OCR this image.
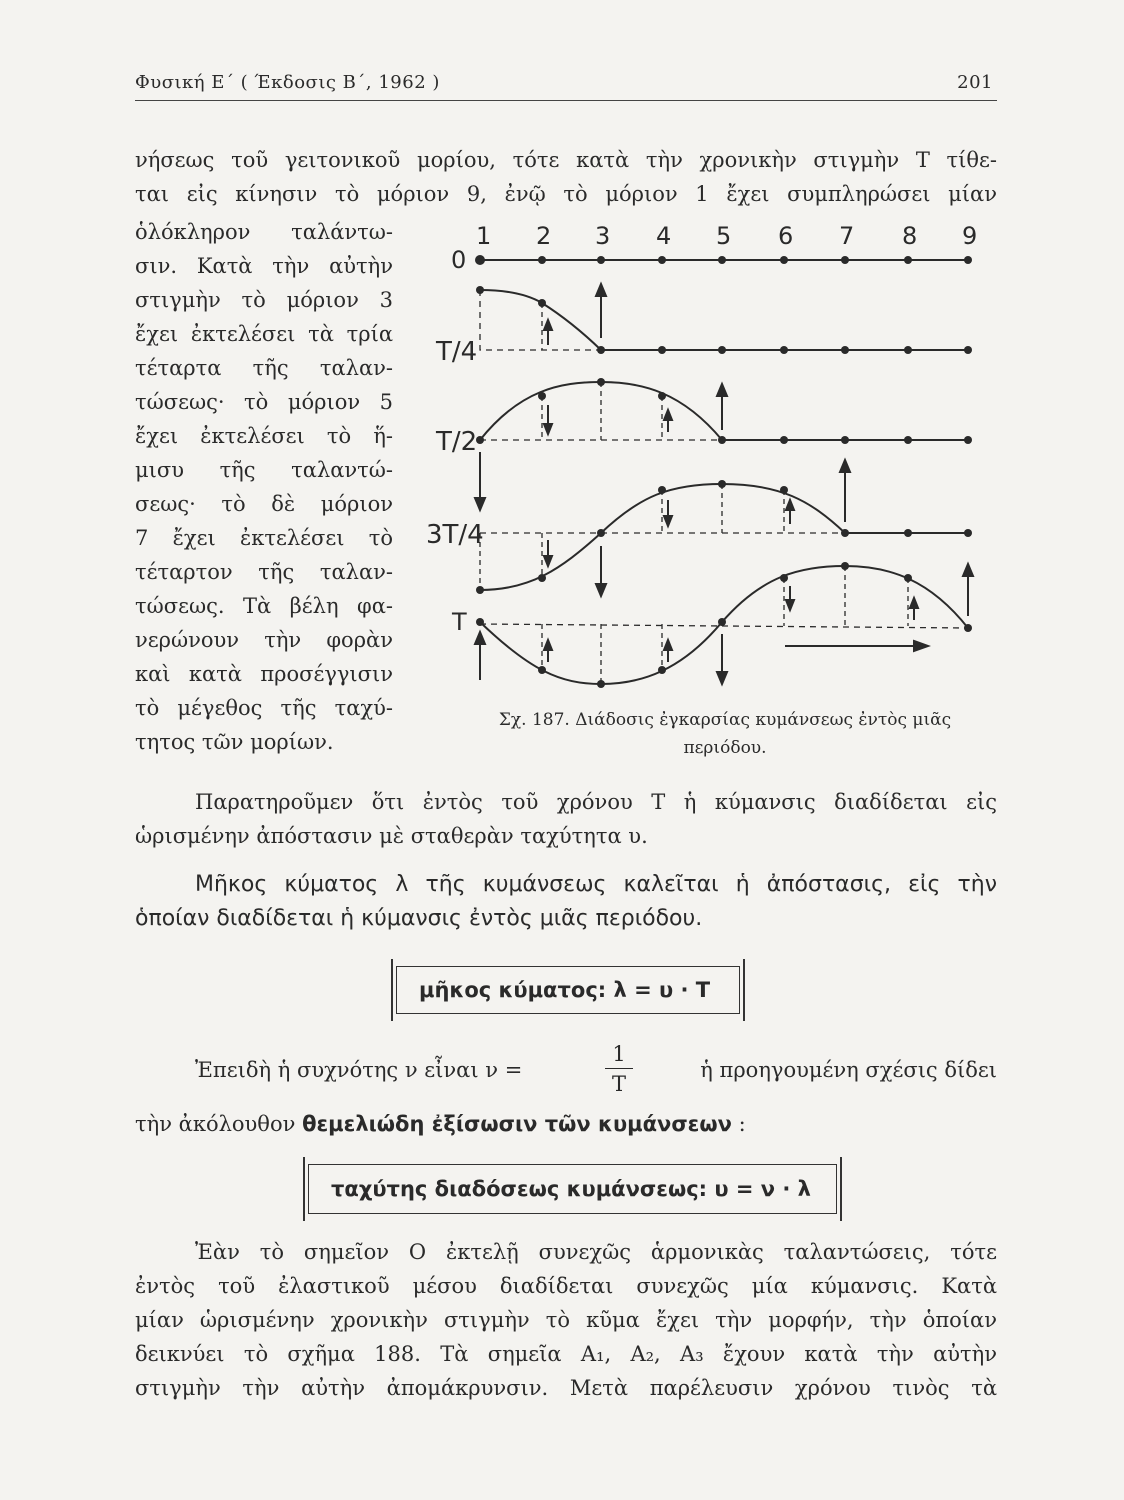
Φυσική Ε΄ ( Έκδοσις Β΄, 1962 )	201
νήσεως τοῦ γειτονικοῦ μορίου, τότε κατὰ τὴν χρονικὴν στιγμὴν Τ τίθε-
ται εἰς κίνησιν τὸ μόριον 9, ἐνῷ τὸ μόριον 1 ἔχει συμπληρώσει μίαν
ὁλόκληρον ταλάντω-
σιν. Κατὰ τὴν αὐτὴν
στιγμὴν τὸ μόριον 3
ἔχει ἐκτελέσει τὰ τρία
τέταρτα τῆς ταλαν-
τώσεως· τὸ μόριον 5
ἔχει ἐκτελέσει τὸ ἥ-
μισυ τῆς ταλαντώ-
σεως· τὸ δὲ μόριον
7 ἔχει ἐκτελέσει τὸ
τέταρτον τῆς ταλαν-
τώσεως. Τὰ βέλη φα-
νερώνουν τὴν φορὰν
καὶ κατὰ προσέγγισιν
τὸ μέγεθος τῆς ταχύ-
τητος τῶν μορίων.
0
1 2 3 4 5 6 7 8 9
T/4
T/2
3T/4
T
Σχ. 187. Διάδοσις ἐγκαρσίας κυμάνσεως ἐντὸς μιᾶς
περιόδου.
Παρατηροῦμεν ὅτι ἐντὸς τοῦ χρόνου Τ ἡ κύμανσις διαδίδεται εἰς
ὡρισμένην ἀπόστασιν μὲ σταθερὰν ταχύτητα υ.
Μῆκος κύματος λ τῆς κυμάνσεως καλεῖται ἡ ἀπόστασις, εἰς τὴν
ὁποίαν διαδίδεται ἡ κύμανσις ἐντὸς μιᾶς περιόδου.
μῆκος κύματος: λ = υ · Τ
Ἐπειδὴ ἡ συχνότης ν εἶναι ν =	$\frac{1}{T}$	ἡ προηγουμένη σχέσις δίδει
τὴν ἀκόλουθον θεμελιώδη ἐξίσωσιν τῶν κυμάνσεων :
ταχύτης διαδόσεως κυμάνσεως: υ = ν · λ
Ἐὰν τὸ σημεῖον Ο ἐκτελῇ συνεχῶς ἁρμονικὰς ταλαντώσεις, τότε
ἐντὸς τοῦ ἐλαστικοῦ μέσου διαδίδεται συνεχῶς μία κύμανσις. Κατὰ
μίαν ὡρισμένην χρονικὴν στιγμὴν τὸ κῦμα ἔχει τὴν μορφήν, τὴν ὁποίαν
δεικνύει τὸ σχῆμα 188. Τὰ σημεῖα Α₁, Α₂, Α₃ ἔχουν κατὰ τὴν αὐτὴν
στιγμὴν τὴν αὐτὴν ἀπομάκρυνσιν. Μετὰ παρέλευσιν χρόνου τινὸς τὰ
